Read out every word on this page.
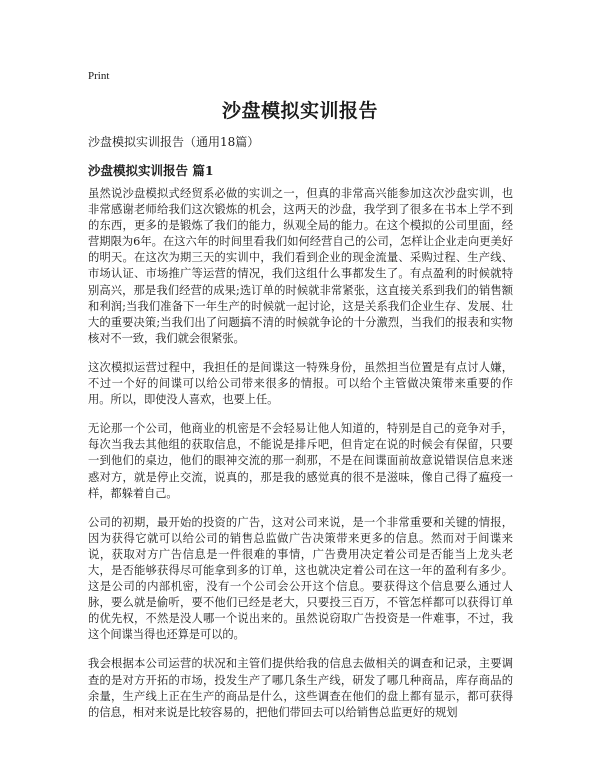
Print
沙盘模拟实训报告
沙盘模拟实训报告（通用18篇）
沙盘模拟实训报告 篇1

虽然说沙盘模拟式经贸系必做的实训之一，但真的非常高兴能参加这次沙盘实训，也非常感谢老师给我们这次锻炼的机会，这两天的沙盘，我学到了很多在书本上学不到的东西，更多的是锻炼了我们的能力，纵观全局的能力。在这个模拟的公司里面，经营期限为6年。在这六年的时间里看我们如何经营自己的公司，怎样让企业走向更美好的明天。在这次为期三天的实训中，我们看到企业的现金流量、采购过程、生产线、市场认证、市场推广等运营的情况，我们这组什么事都发生了。有点盈利的时候就特别高兴，那是我们经营的成果;选订单的时候就非常紧张，这直接关系到我们的销售额和利润;当我们准备下一年生产的时候就一起讨论，这是关系我们企业生存、发展、壮大的重要决策;当我们出了问题搞不清的时候就争论的十分激烈，当我们的报表和实物核对不一致，我们就会很紧张。

这次模拟运营过程中，我担任的是间谍这一特殊身份，虽然担当位置是有点讨人嫌，不过一个好的间谍可以给公司带来很多的情报。可以给个主管做决策带来重要的作用。所以，即使没人喜欢，也要上任。

无论那一个公司，他商业的机密是不会轻易让他人知道的，特别是自己的竞争对手，每次当我去其他组的获取信息，不能说是排斥吧，但肯定在说的时候会有保留，只要一到他们的桌边，他们的眼神交流的那一刹那，不是在间谍面前故意说错误信息来迷惑对方，就是停止交流，说真的，那是我的感觉真的很不是滋味，像自己得了瘟疫一样，都躲着自己。

公司的初期，最开始的投资的广告，这对公司来说，是一个非常重要和关键的情报，因为获得它就可以给公司的销售总监做广告决策带来更多的信息。然而对于间谍来说，获取对方广告信息是一件很难的事情，广告费用决定着公司是否能当上龙头老大，是否能够获得尽可能拿到多的订单，这也就决定着公司在这一年的盈利有多少。这是公司的内部机密，没有一个公司会公开这个信息。要获得这个信息要么通过人脉，要么就是偷听，要不他们已经是老大，只要投三百万，不管怎样都可以获得订单的优先权，不然是没人哪一个说出来的。虽然说窃取广告投资是一件难事，不过，我这个间谍当得也还算是可以的。

我会根据本公司运营的状况和主管们提供给我的信息去做相关的调查和记录，主要调查的是对方开拓的市场，投发生产了哪几条生产线，研发了哪几种商品，库存商品的余量，生产线上正在生产的商品是什么，这些调查在他们的盘上都有显示，都可获得的信息，相对来说是比较容易的，把他们带回去可以给销售总监更好的规划
